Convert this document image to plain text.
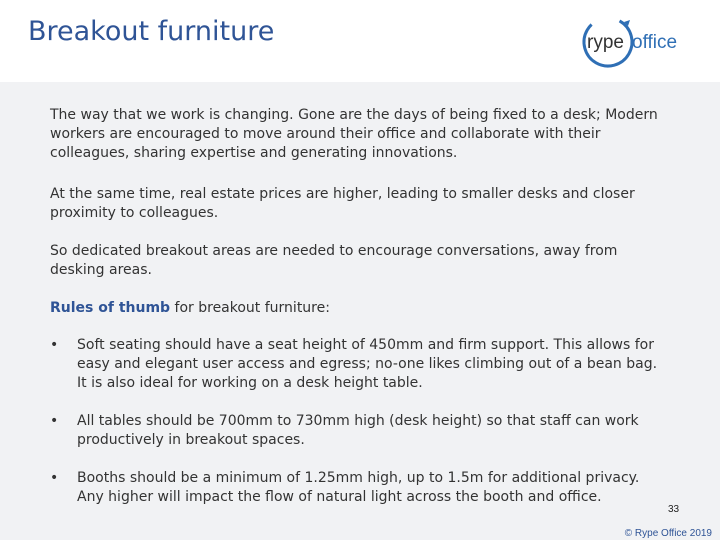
Breakout furniture	rype office

The way that we work is changing. Gone are the days of being fixed to a desk; Modern workers are encouraged to move around their office and collaborate with their colleagues, sharing expertise and generating innovations.

At the same time, real estate prices are higher, leading to smaller desks and closer proximity to colleagues.

So dedicated breakout areas are needed to encourage conversations, away from desking areas.

Rules of thumb for breakout furniture:

• Soft seating should have a seat height of 450mm and firm support. This allows for easy and elegant user access and egress; no-one likes climbing out of a bean bag. It is also ideal for working on a desk height table.

• All tables should be 700mm to 730mm high (desk height) so that staff can work productively in breakout spaces.

• Booths should be a minimum of 1.25mm high, up to 1.5m for additional privacy. Any higher will impact the flow of natural light across the booth and office.

33
© Rype Office 2019
